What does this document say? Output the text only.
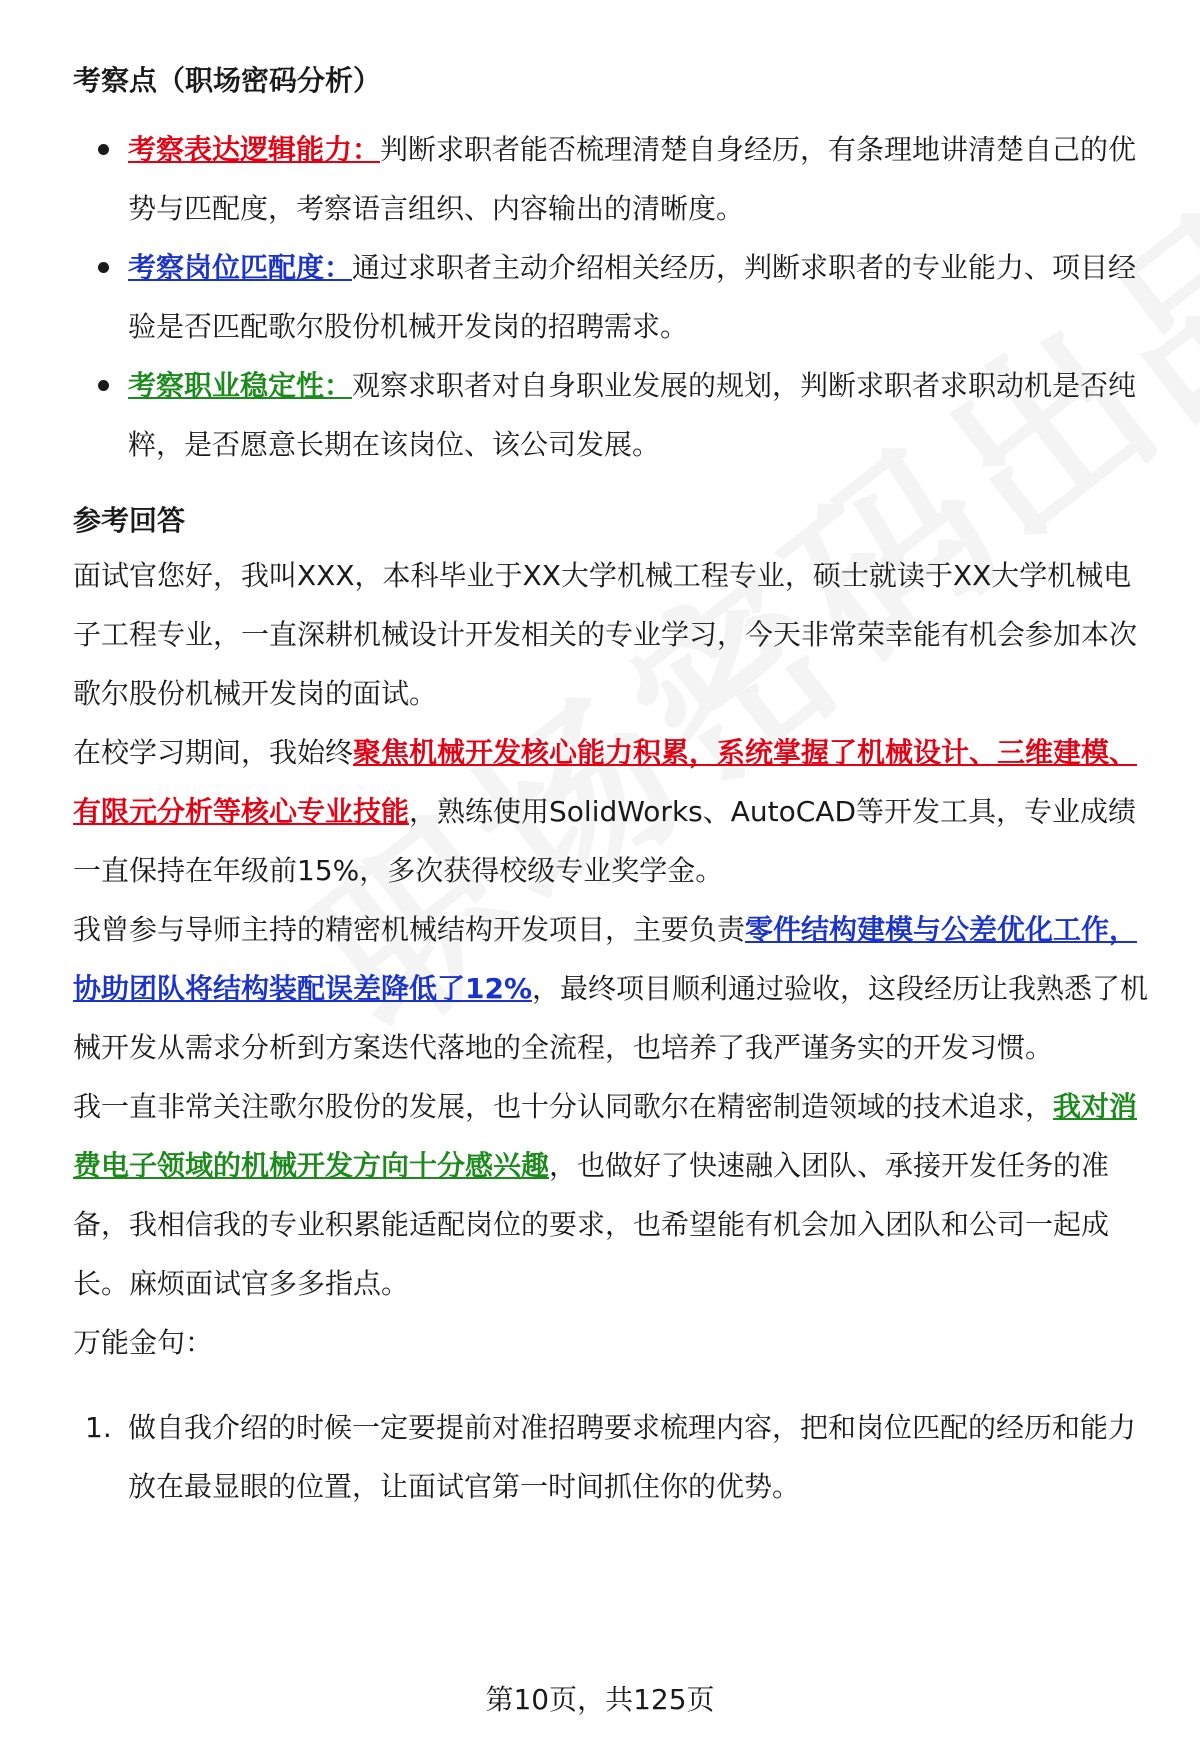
考察点（职场密码分析）
考察表达逻辑能力：判断求职者能否梳理清楚自身经历，有条理地讲清楚自己的优势与匹配度，考察语言组织、内容输出的清晰度。
考察岗位匹配度：通过求职者主动介绍相关经历，判断求职者的专业能力、项目经验是否匹配歌尔股份机械开发岗的招聘需求。
考察职业稳定性：观察求职者对自身职业发展的规划，判断求职者求职动机是否纯粹，是否愿意长期在该岗位、该公司发展。
参考回答

面试官您好，我叫XXX，本科毕业于XX大学机械工程专业，硕士就读于XX大学机械电子工程专业，一直深耕机械设计开发相关的专业学习，今天非常荣幸能有机会参加本次歌尔股份机械开发岗的面试。

在校学习期间，我始终聚焦机械开发核心能力积累，系统掌握了机械设计、三维建模、有限元分析等核心专业技能，熟练使用SolidWorks、AutoCAD等开发工具，专业成绩一直保持在年级前15%，多次获得校级专业奖学金。

我曾参与导师主持的精密机械结构开发项目，主要负责零件结构建模与公差优化工作，协助团队将结构装配误差降低了12%，最终项目顺利通过验收，这段经历让我熟悉了机械开发从需求分析到方案迭代落地的全流程，也培养了我严谨务实的开发习惯。

我一直非常关注歌尔股份的发展，也十分认同歌尔在精密制造领域的技术追求，我对消费电子领域的机械开发方向十分感兴趣，也做好了快速融入团队、承接开发任务的准备，我相信我的专业积累能适配岗位的要求，也希望能有机会加入团队和公司一起成长。麻烦面试官多多指点。

万能金句：

1. 做自我介绍的时候一定要提前对准招聘要求梳理内容，把和岗位匹配的经历和能力放在最显眼的位置，让面试官第一时间抓住你的优势。
第10页，共125页
